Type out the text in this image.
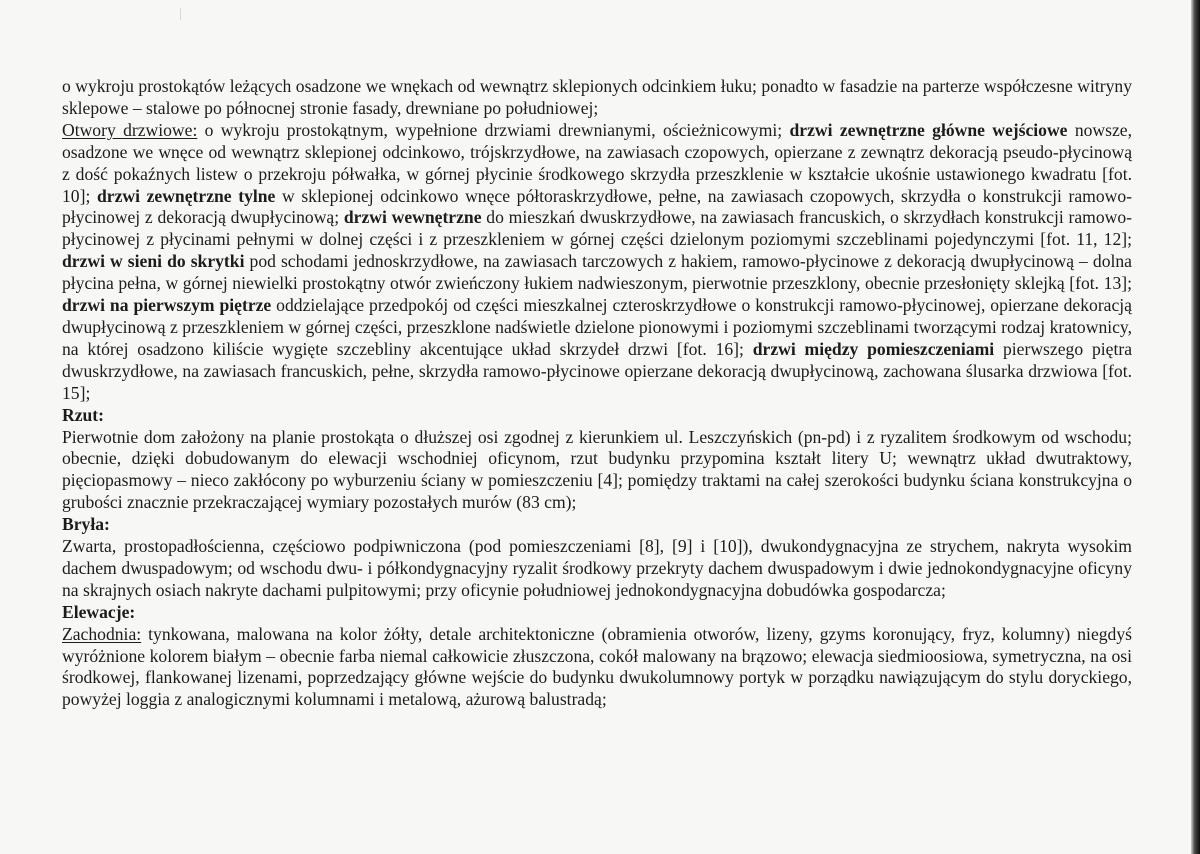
o wykroju prostokątów leżących osadzone we wnękach od wewnątrz sklepionych odcinkiem łuku; ponadto w fasadzie na parterze współczesne witryny sklepowe – stalowe po północnej stronie fasady, drewniane po południowej;

Otwory drzwiowe: o wykroju prostokątnym, wypełnione drzwiami drewnianymi, ościeżnicowymi; drzwi zewnętrzne główne wejściowe nowsze, osadzone we wnęce od wewnątrz sklepionej odcinkowo, trójskrzydłowe, na zawiasach czopowych, opierzane z zewnątrz dekoracją pseudo-płycinową z dość pokaźnych listew o przekroju półwałka, w górnej płycinie środkowego skrzydła przeszklenie w kształcie ukośnie ustawionego kwadratu [fot. 10]; drzwi zewnętrzne tylne w sklepionej odcinkowo wnęce półtoraskrzydłowe, pełne, na zawiasach czopowych, skrzydła o konstrukcji ramowo-płycinowej z dekoracją dwupłycinową; drzwi wewnętrzne do mieszkań dwuskrzydłowe, na zawiasach francuskich, o skrzydłach konstrukcji ramowo-płycinowej z płycinami pełnymi w dolnej części i z przeszkleniem w górnej części dzielonym poziomymi szczeblinami pojedynczymi [fot. 11, 12]; drzwi w sieni do skrytki pod schodami jednoskrzydłowe, na zawiasach tarczowych z hakiem, ramowo-płycinowe z dekoracją dwupłycinową – dolna płycina pełna, w górnej niewielki prostokątny otwór zwieńczony łukiem nadwieszonym, pierwotnie przeszklony, obecnie przesłonięty sklejką [fot. 13]; drzwi na pierwszym piętrze oddzielające przedpokój od części mieszkalnej czteroskrzydłowe o konstrukcji ramowo-płycinowej, opierzane dekoracją dwupłycinową z przeszkleniem w górnej części, przeszklone nadświetle dzielone pionowymi i poziomymi szczeblinami tworzącymi rodzaj kratownicy, na której osadzono kiliście wygięte szczebliny akcentujące układ skrzydeł drzwi [fot. 16]; drzwi między pomieszczeniami pierwszego piętra dwuskrzydłowe, na zawiasach francuskich, pełne, skrzydła ramowo-płycinowe opierzane dekoracją dwupłycinową, zachowana ślusarka drzwiowa [fot. 15];

Rzut:

Pierwotnie dom założony na planie prostokąta o dłuższej osi zgodnej z kierunkiem ul. Leszczyńskich (pn-pd) i z ryzalitem środkowym od wschodu; obecnie, dzięki dobudowanym do elewacji wschodniej oficynom, rzut budynku przypomina kształt litery U; wewnątrz układ dwutraktowy, pięciopasmowy – nieco zakłócony po wyburzeniu ściany w pomieszczeniu [4]; pomiędzy traktami na całej szerokości budynku ściana konstrukcyjna o grubości znacznie przekraczającej wymiary pozostałych murów (83 cm);

Bryła:

Zwarta, prostopadłościenna, częściowo podpiwniczona (pod pomieszczeniami [8], [9] i [10]), dwukondygnacyjna ze strychem, nakryta wysokim dachem dwuspadowym; od wschodu dwu- i półkondygnacyjny ryzalit środkowy przekryty dachem dwuspadowym i dwie jednokondygnacyjne oficyny na skrajnych osiach nakryte dachami pulpitowymi; przy oficynie południowej jednokondygnacyjna dobudówka gospodarcza;

Elewacje:

Zachodnia: tynkowana, malowana na kolor żółty, detale architektoniczne (obramienia otworów, lizeny, gzyms koronujący, fryz, kolumny) niegdyś wyróżnione kolorem białym – obecnie farba niemal całkowicie złuszczona, cokół malowany na brązowo; elewacja siedmioosiowa, symetryczna, na osi środkowej, flankowanej lizenami, poprzedzający główne wejście do budynku dwukolumnowy portyk w porządku nawiązującym do stylu doryckiego, powyżej loggia z analogicznymi kolumnami i metalową, ażurową balustradą;
